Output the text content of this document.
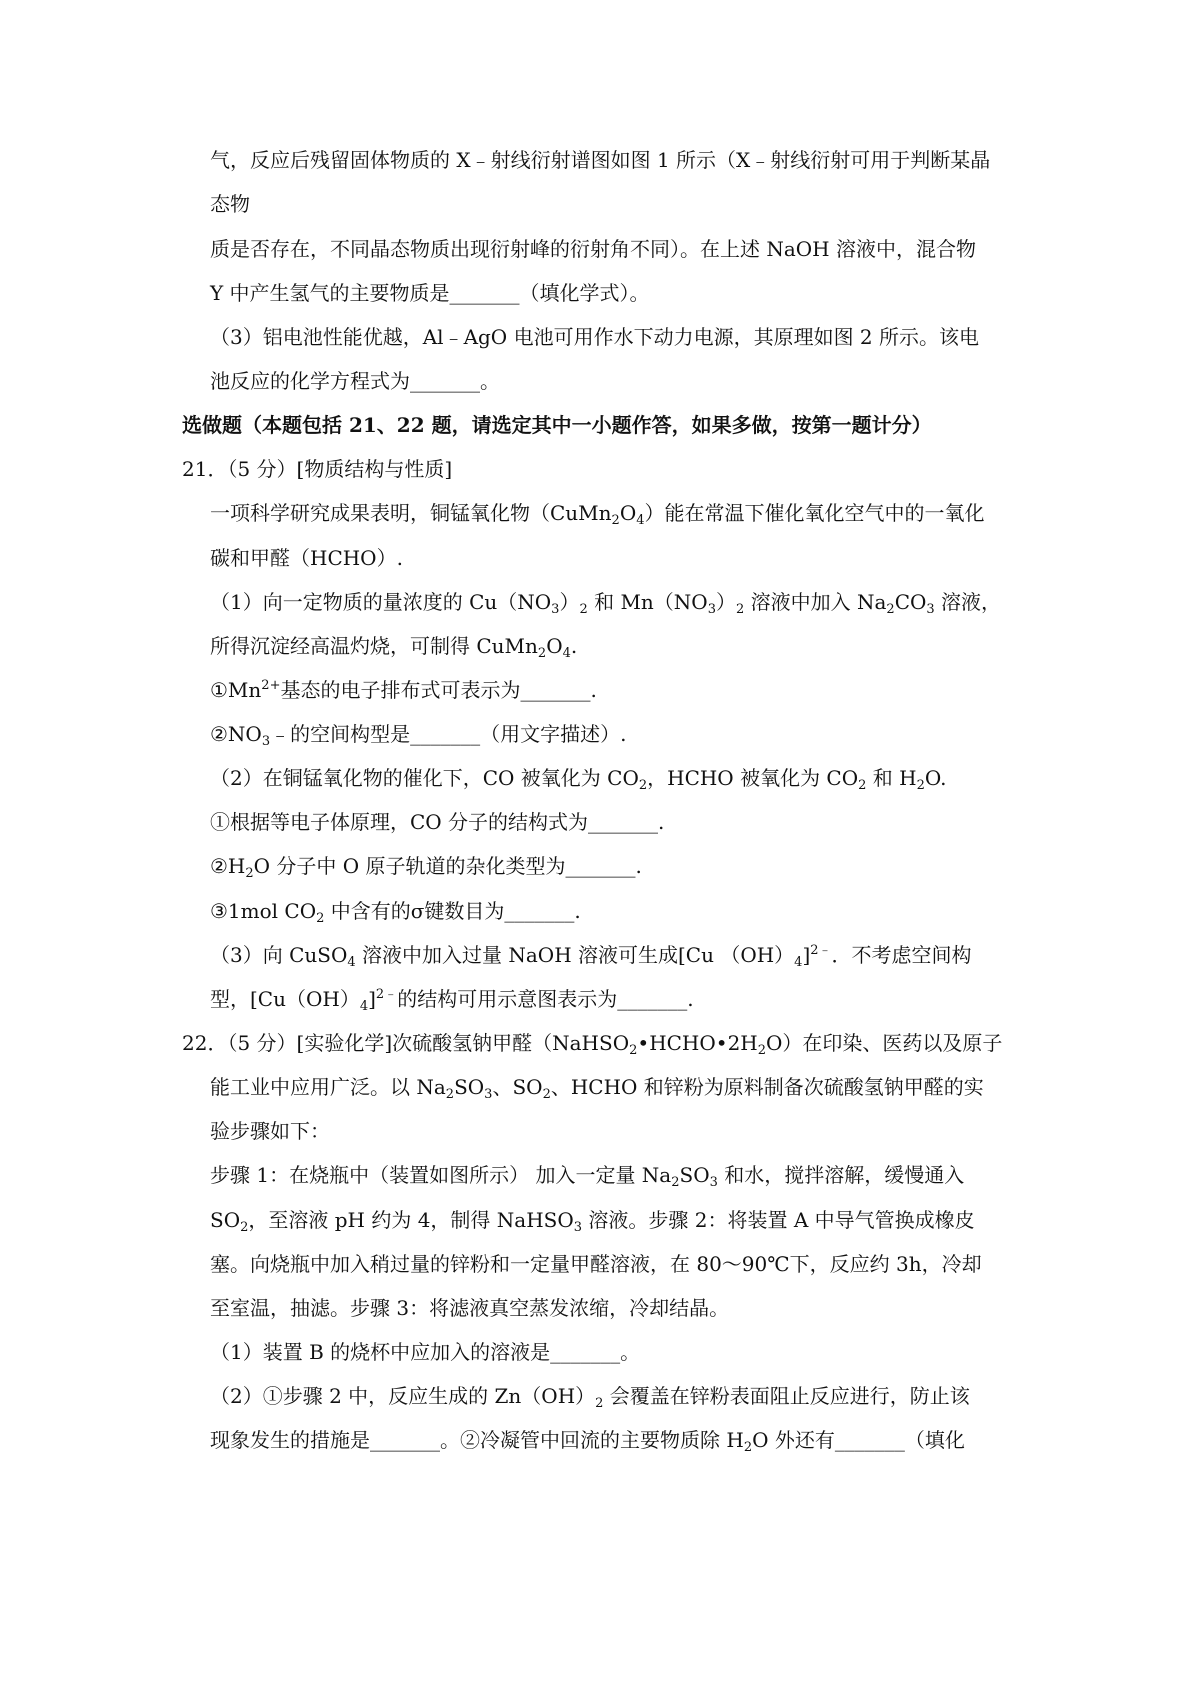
气，反应后残留固体物质的 X﹣射线衍射谱图如图 1 所示（X﹣射线衍射可用于判断某晶
态物
质是否存在，不同晶态物质出现衍射峰的衍射角不同）。在上述 NaOH 溶液中，混合物
Y 中产生氢气的主要物质是_______（填化学式）。
（3）铝电池性能优越，Al﹣AgO 电池可用作水下动力电源，其原理如图 2 所示。该电
池反应的化学方程式为_______。
选做题（本题包括 21、22 题，请选定其中一小题作答，如果多做，按第一题计分）
21．（5 分）[物质结构与性质]
一项科学研究成果表明，铜锰氧化物$(CuMn_2O_4)$能在常温下催化氧化空气中的一氧化
碳和甲醛（HCHO）.
（1）向一定物质的量浓度的 $Cu(NO_3)_2$ 和 $Mn(NO_3)_2$ 溶液中加入 $Na_2CO_3$ 溶液，
所得沉淀经高温灼烧，可制得 $CuMn_2O_4$.
$①Mn^{2+}$基态的电子排布式可表示为_______.
$②NO_3﹣$的空间构型是_______（用文字描述）.
（2）在铜锰氧化物的催化下，CO 被氧化为 $CO_2$，HCHO 被氧化为 $CO_2$ 和 $H_2O$.
①根据等电子体原理，CO 分子的结构式为_______.
$②H_2O$ 分子中 O 原子轨道的杂化类型为_______.
③1mol $CO_2$ 中含有的σ键数目为_______.
（3）向 CuSO$_4$ 溶液中加入过量 NaOH 溶液可生成[Cu $(OH)_4]^{2﹣}$．不考虑空间构
型，$[Cu(OH)_4]^{2﹣}$的结构可用示意图表示为_______.
22．（5 分）[实验化学]次硫酸氢钠甲醛$(NaHSO_2•HCHO•2H_2O)$在印染、医药以及原子
能工业中应用广泛。以 $Na_2SO_3$、$SO_2$、HCHO 和锌粉为原料制备次硫酸氢钠甲醛的实
验步骤如下：
步骤 1：在烧瓶中（装置如图所示） 加入一定量 $Na_2SO_3$ 和水，搅拌溶解，缓慢通入
$SO_2$，至溶液 pH 约为 4，制得 NaHSO$_3$ 溶液。步骤 2：将装置 A 中导气管换成橡皮
塞。向烧瓶中加入稍过量的锌粉和一定量甲醛溶液，在 80～90℃下，反应约 3h，冷却
至室温，抽滤。步骤 3：将滤液真空蒸发浓缩，冷却结晶。
（1）装置 B 的烧杯中应加入的溶液是_______。
（2）①步骤 2 中，反应生成的 $Zn(OH)_2$ 会覆盖在锌粉表面阻止反应进行，防止该
现象发生的措施是_______。②冷凝管中回流的主要物质除 $H_2O$ 外还有_______（填化
